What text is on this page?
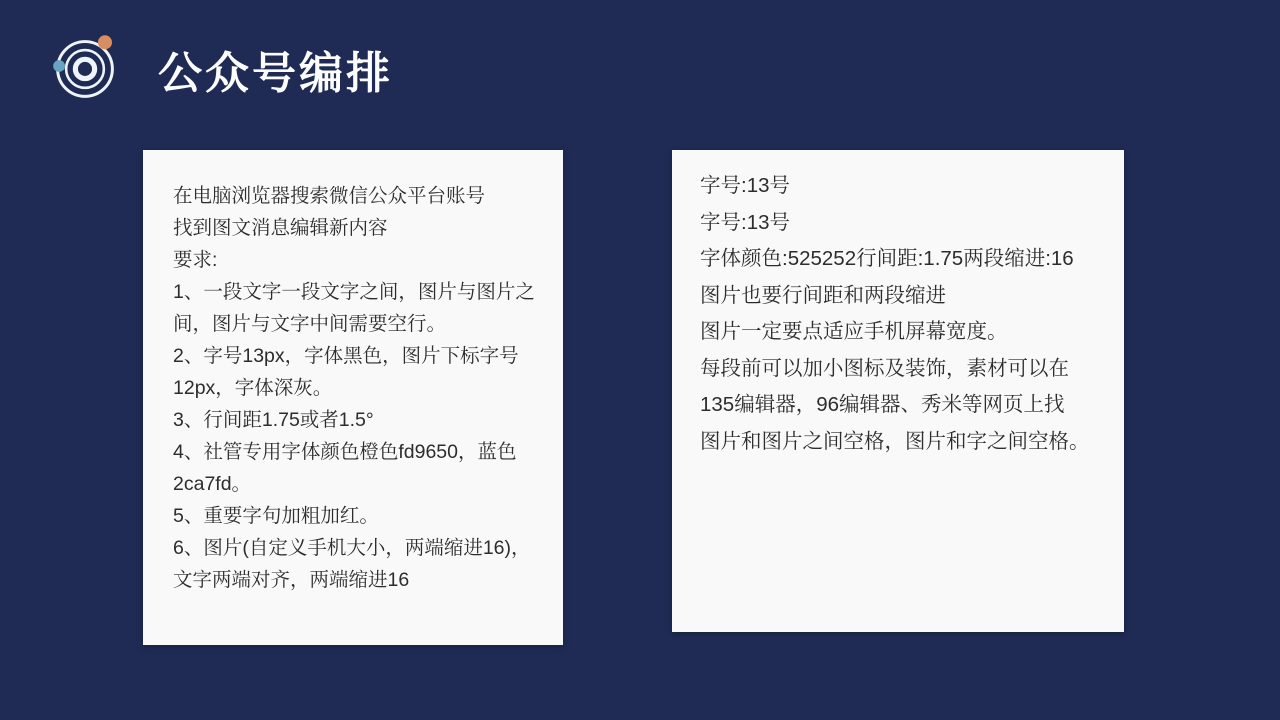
公众号编排
在电脑浏览器搜索微信公众平台账号
找到图文消息编辑新内容
要求:
1、一段文字一段文字之间，图片与图片之
间，图片与文字中间需要空行。
2、字号13px，字体黑色，图片下标字号
12px，字体深灰。
3、行间距1.75或者1.5°
4、社管专用字体颜色橙色fd9650，蓝色
2ca7fd。
5、重要字句加粗加红。
6、图片(自定义手机大小，两端缩进16)，
文字两端对齐，两端缩进16
字号:13号
字号:13号
字体颜色:525252行间距:1.75两段缩进:16
图片也要行间距和两段缩进
图片一定要点适应手机屏幕宽度。
每段前可以加小图标及装饰，素材可以在
135编辑器，96编辑器、秀米等网页上找
图片和图片之间空格，图片和字之间空格。
